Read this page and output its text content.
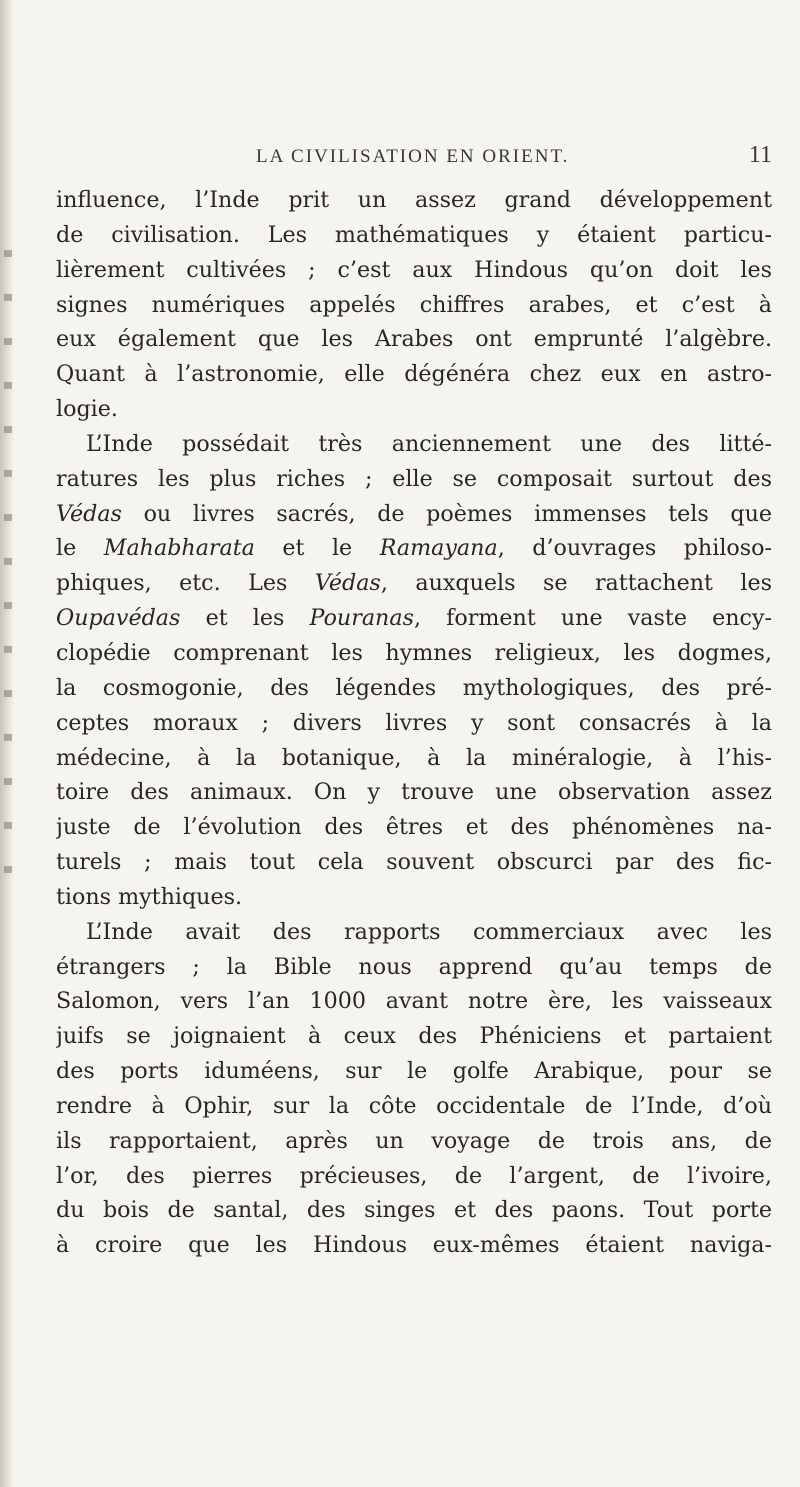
LA CIVILISATION EN ORIENT.	11
influence, l’Inde prit un assez grand développement
de civilisation. Les mathématiques y étaient particu-
lièrement cultivées ; c’est aux Hindous qu’on doit les
signes numériques appelés chiffres arabes, et c’est à
eux également que les Arabes ont emprunté l’algèbre.
Quant à l’astronomie, elle dégénéra chez eux en astro-
logie.
L’Inde possédait très anciennement une des litté-
ratures les plus riches ; elle se composait surtout des
Védas ou livres sacrés, de poèmes immenses tels que
le Mahabharata et le Ramayana, d’ouvrages philoso-
phiques, etc. Les Védas, auxquels se rattachent les
Oupavédas et les Pouranas, forment une vaste ency-
clopédie comprenant les hymnes religieux, les dogmes,
la cosmogonie, des légendes mythologiques, des pré-
ceptes moraux ; divers livres y sont consacrés à la
médecine, à la botanique, à la minéralogie, à l’his-
toire des animaux. On y trouve une observation assez
juste de l’évolution des êtres et des phénomènes na-
turels ; mais tout cela souvent obscurci par des fic-
tions mythiques.
L’Inde avait des rapports commerciaux avec les
étrangers ; la Bible nous apprend qu’au temps de
Salomon, vers l’an 1000 avant notre ère, les vaisseaux
juifs se joignaient à ceux des Phéniciens et partaient
des ports iduméens, sur le golfe Arabique, pour se
rendre à Ophir, sur la côte occidentale de l’Inde, d’où
ils rapportaient, après un voyage de trois ans, de
l’or, des pierres précieuses, de l’argent, de l’ivoire,
du bois de santal, des singes et des paons. Tout porte
à croire que les Hindous eux-mêmes étaient naviga-
